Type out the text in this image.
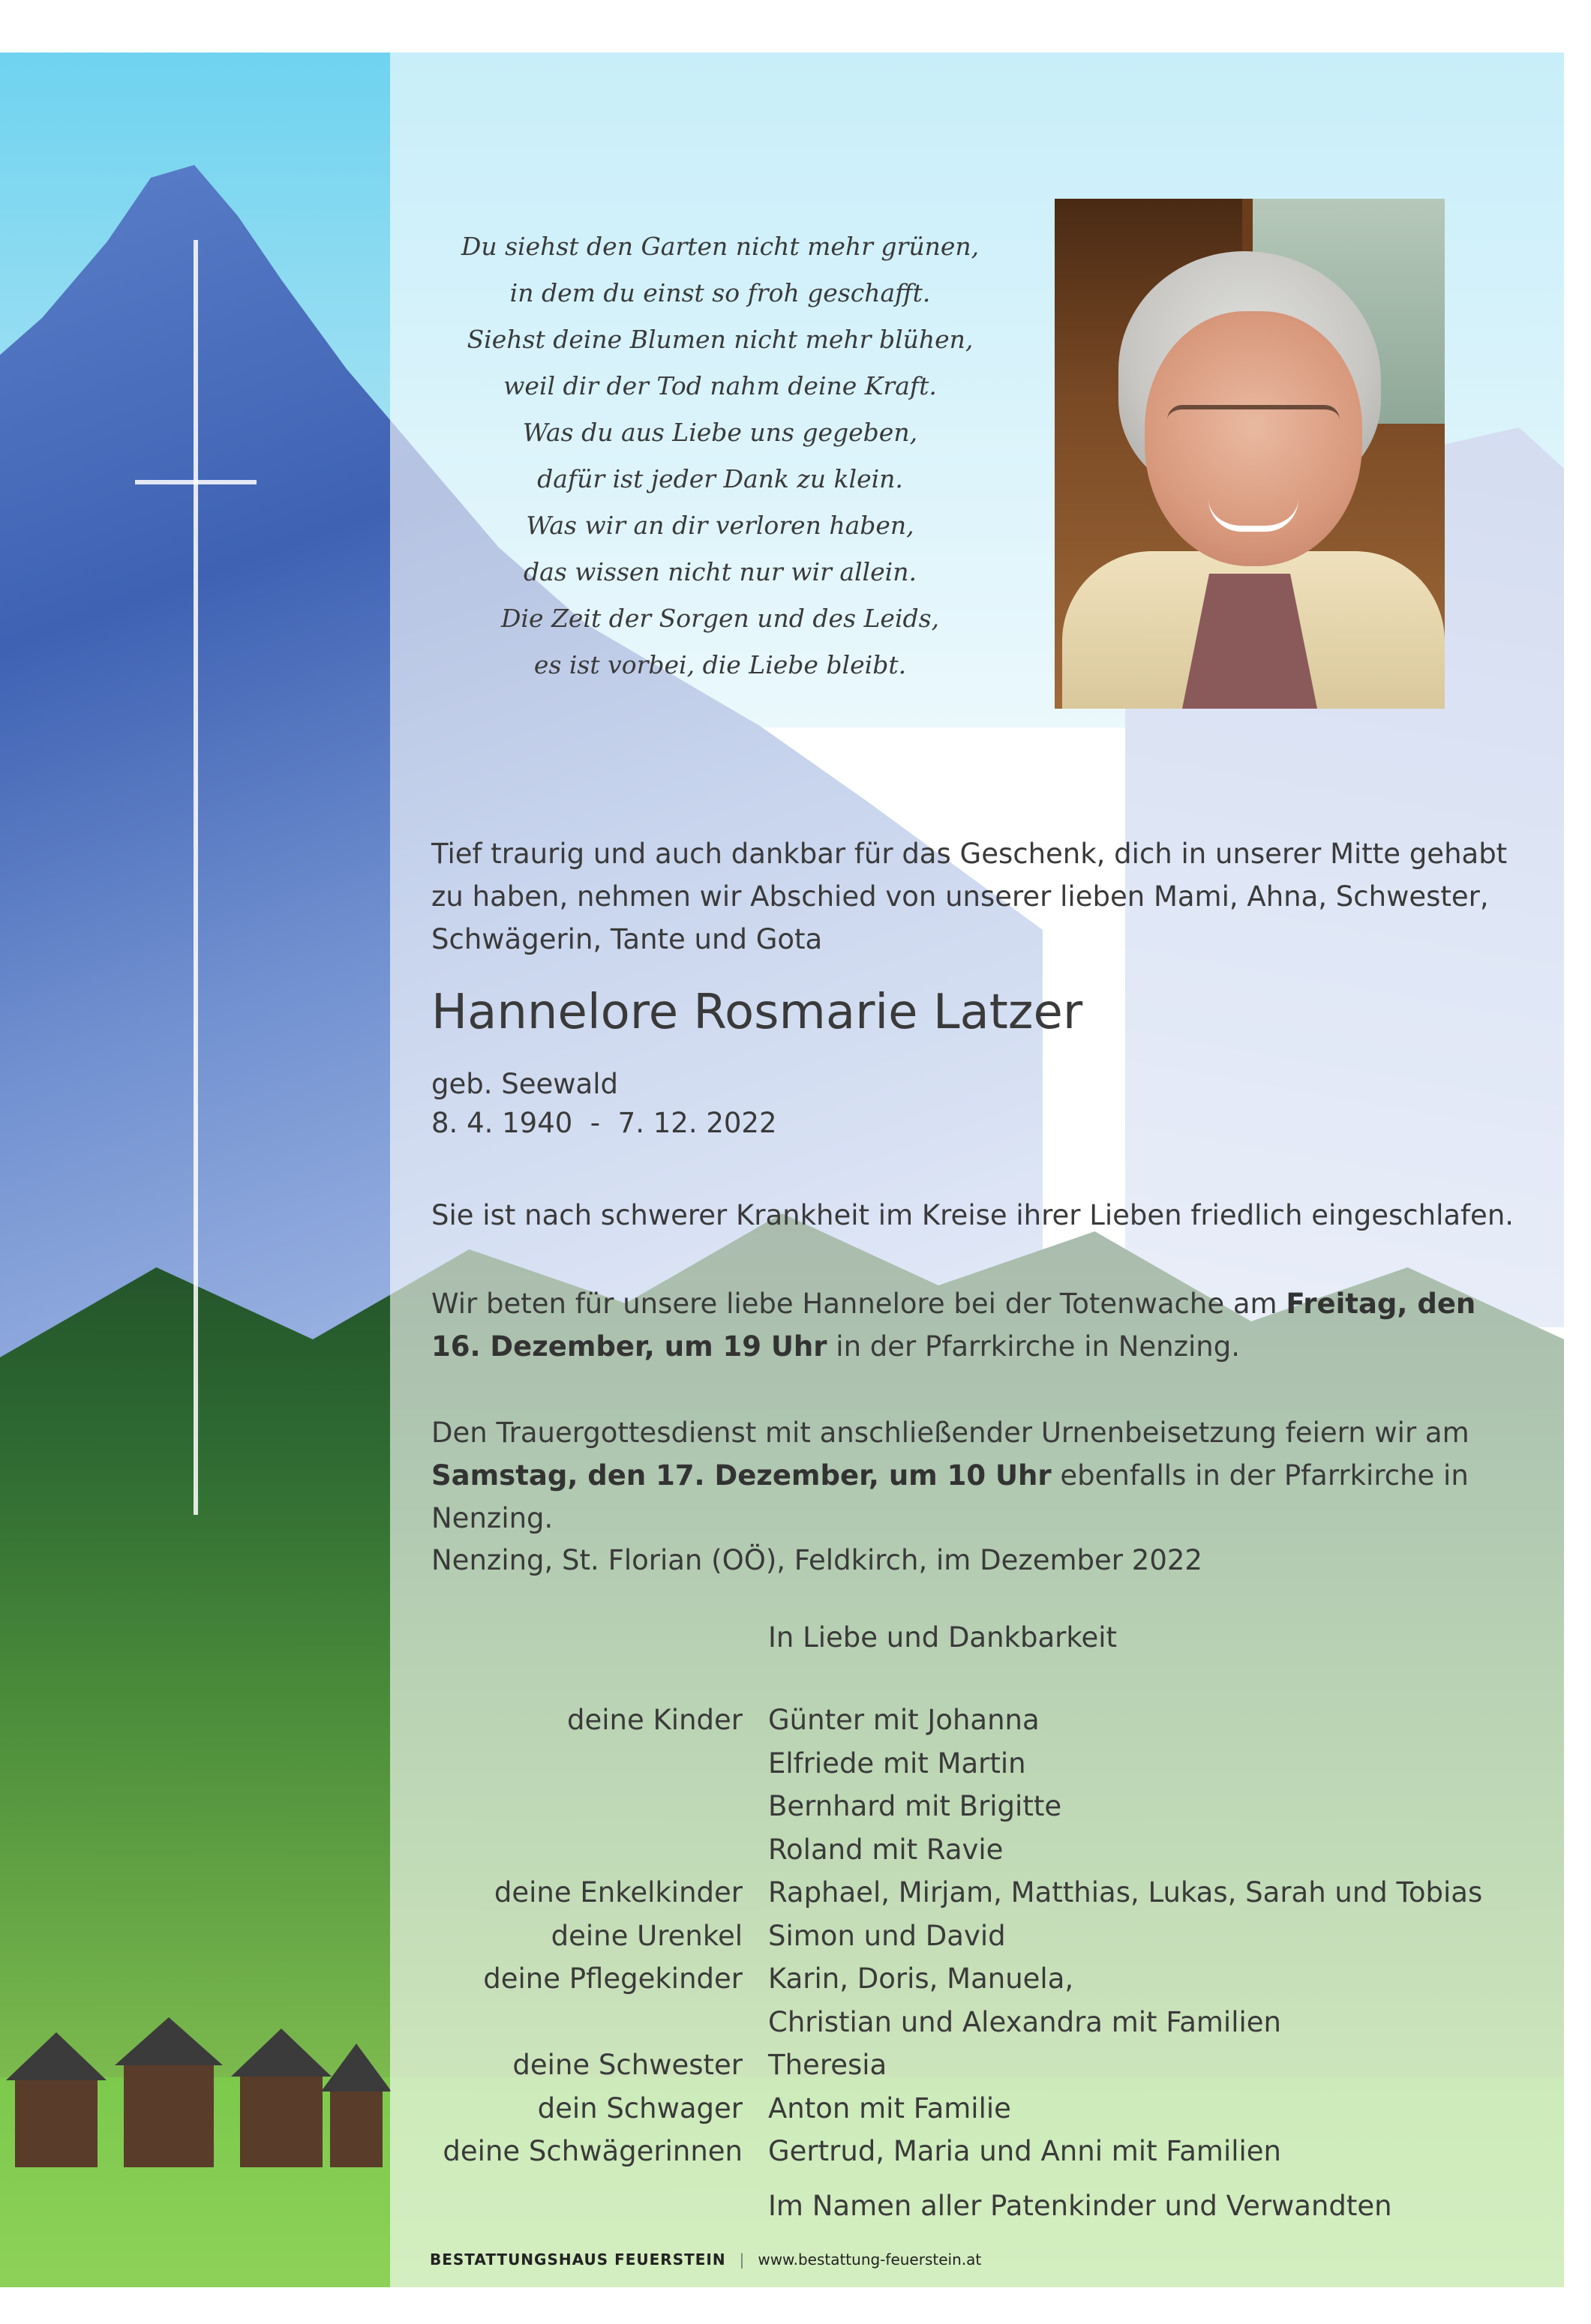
Du siehst den Garten nicht mehr grünen,
in dem du einst so froh geschafft.
Siehst deine Blumen nicht mehr blühen,
weil dir der Tod nahm deine Kraft.
Was du aus Liebe uns gegeben,
dafür ist jeder Dank zu klein.
Was wir an dir verloren haben,
das wissen nicht nur wir allein.
Die Zeit der Sorgen und des Leids,
es ist vorbei, die Liebe bleibt.

Tief traurig und auch dankbar für das Geschenk, dich in unserer Mitte gehabt zu haben, nehmen wir Abschied von unserer lieben Mami, Ahna, Schwester, Schwägerin, Tante und Gota

Hannelore Rosmarie Latzer

geb. Seewald

8. 4. 1940  -  7. 12. 2022

Sie ist nach schwerer Krankheit im Kreise ihrer Lieben friedlich eingeschlafen.

Wir beten für unsere liebe Hannelore bei der Totenwache am Freitag, den 16. Dezember, um 19 Uhr in der Pfarrkirche in Nenzing.

Den Trauergottesdienst mit anschließender Urnenbeisetzung feiern wir am Samstag, den 17. Dezember, um 10 Uhr ebenfalls in der Pfarrkirche in Nenzing.

Nenzing, St. Florian (OÖ), Feldkirch, im Dezember 2022

In Liebe und Dankbarkeit
deine Kinder Günter mit Johanna
Elfriede mit Martin
Bernhard mit Brigitte
Roland mit Ravie
deine Enkelkinder Raphael, Mirjam, Matthias, Lukas, Sarah und Tobias
deine Urenkel Simon und David
deine Pflegekinder Karin, Doris, Manuela,
Christian und Alexandra mit Familien
deine Schwester Theresia
dein Schwager Anton mit Familie
deine Schwägerinnen Gertrud, Maria und Anni mit Familien
Im Namen aller Patenkinder und Verwandten
BESTATTUNGSHAUS FEUERSTEIN | www.bestattung-feuerstein.at
